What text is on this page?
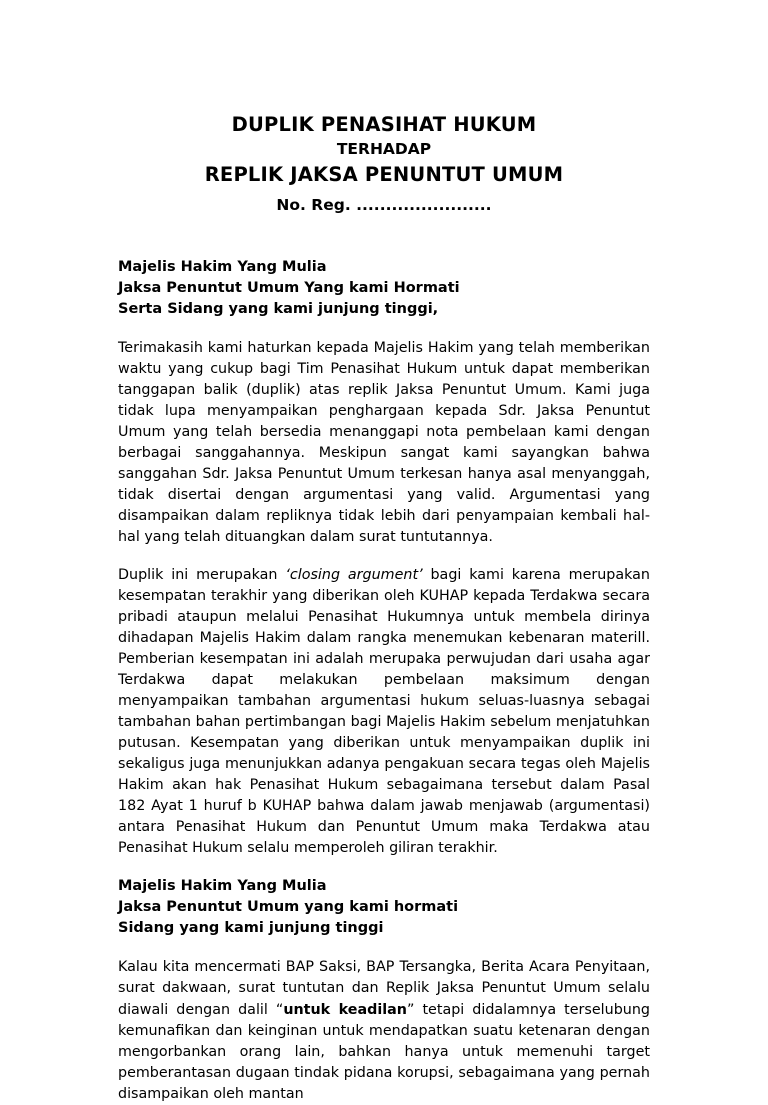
DUPLIK PENASIHAT HUKUM
TERHADAP
REPLIK JAKSA PENUNTUT UMUM
No. Reg. .......................
Majelis Hakim Yang Mulia
Jaksa Penuntut Umum Yang kami Hormati
Serta Sidang yang kami junjung tinggi,

Terimakasih kami haturkan kepada Majelis Hakim yang telah memberikan waktu yang cukup bagi Tim Penasihat Hukum untuk dapat memberikan tanggapan balik (duplik) atas replik Jaksa Penuntut Umum. Kami juga tidak lupa menyampaikan penghargaan kepada Sdr. Jaksa Penuntut Umum yang telah bersedia menanggapi nota pembelaan kami dengan berbagai sanggahannya. Meskipun sangat kami sayangkan bahwa sanggahan Sdr. Jaksa Penuntut Umum terkesan hanya asal menyanggah, tidak disertai dengan argumentasi yang valid. Argumentasi yang disampaikan dalam repliknya tidak lebih dari penyampaian kembali hal-hal yang telah dituangkan dalam surat tuntutannya.

Duplik ini merupakan ‘closing argument’ bagi kami karena merupakan kesempatan terakhir yang diberikan oleh KUHAP kepada Terdakwa secara pribadi ataupun melalui Penasihat Hukumnya untuk membela dirinya dihadapan Majelis Hakim dalam rangka menemukan kebenaran materill. Pemberian kesempatan ini adalah merupaka perwujudan dari usaha agar Terdakwa dapat melakukan pembelaan maksimum dengan menyampaikan tambahan argumentasi hukum seluas-luasnya sebagai tambahan bahan pertimbangan bagi Majelis Hakim sebelum menjatuhkan putusan. Kesempatan yang diberikan untuk menyampaikan duplik ini sekaligus juga menunjukkan adanya pengakuan secara tegas oleh Majelis Hakim akan hak Penasihat Hukum sebagaimana tersebut dalam Pasal 182 Ayat 1 huruf b KUHAP bahwa dalam jawab menjawab (argumentasi) antara Penasihat Hukum dan Penuntut Umum maka Terdakwa atau Penasihat Hukum selalu memperoleh giliran terakhir.

Majelis Hakim Yang Mulia
Jaksa Penuntut Umum yang kami hormati
Sidang yang kami junjung tinggi

Kalau kita mencermati BAP Saksi, BAP Tersangka, Berita Acara Penyitaan, surat dakwaan, surat tuntutan dan Replik Jaksa Penuntut Umum selalu diawali dengan dalil “untuk keadilan” tetapi didalamnya terselubung kemunafikan dan keinginan untuk mendapatkan suatu ketenaran dengan mengorbankan orang lain, bahkan hanya untuk memenuhi target pemberantasan dugaan tindak pidana korupsi, sebagaimana yang pernah disampaikan oleh mantan
